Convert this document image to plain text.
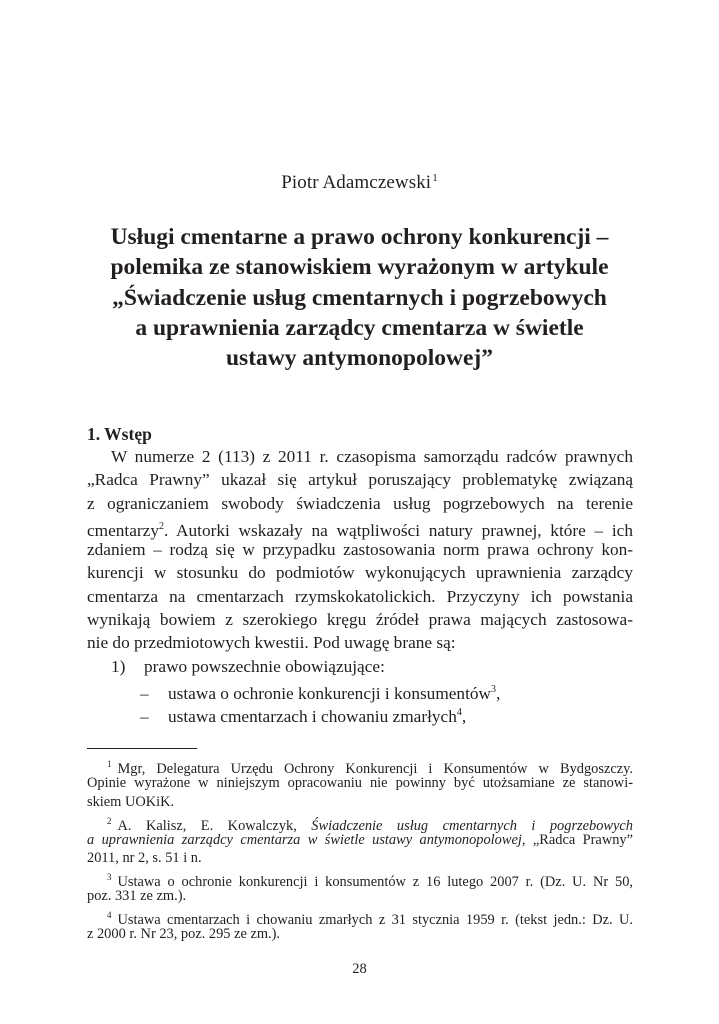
Piotr Adamczewski$^1$
Usługi cmentarne a prawo ochrony konkurencji –
polemika ze stanowiskiem wyrażonym w artykule
„Świadczenie usług cmentarnych i pogrzebowych
a uprawnienia zarządcy cmentarza w świetle
ustawy antymonopolowej”
1. Wstęp
W numerze 2 (113) z 2011 r. czasopisma samorządu radców prawnych
„Radca Prawny” ukazał się artykuł poruszający problematykę związaną
z ograniczaniem swobody świadczenia usług pogrzebowych na terenie
cmentarzy$^2$. Autorki wskazały na wątpliwości natury prawnej, które – ich
zdaniem – rodzą się w przypadku zastosowania norm prawa ochrony kon-
kurencji w stosunku do podmiotów wykonujących uprawnienia zarządcy
cmentarza na cmentarzach rzymskokatolickich. Przyczyny ich powstania
wynikają bowiem z szerokiego kręgu źródeł prawa mających zastosowa-
nie do przedmiotowych kwestii. Pod uwagę brane są:
1) prawo powszechnie obowiązujące:
– ustawa o ochronie konkurencji i konsumentów$^3$,
– ustawa cmentarzach i chowaniu zmarłych$^4$,
$^1$ Mgr, Delegatura Urzędu Ochrony Konkurencji i Konsumentów w Bydgoszczy.
Opinie wyrażone w niniejszym opracowaniu nie powinny być utożsamiane ze stanowi-
skiem UOKiK.
$^2$ A. Kalisz, E. Kowalczyk, Świadczenie usług cmentarnych i pogrzebowych
a uprawnienia zarządcy cmentarza w świetle ustawy antymonopolowej, „Radca Prawny”
2011, nr 2, s. 51 i n.
$^3$ Ustawa o ochronie konkurencji i konsumentów z 16 lutego 2007 r. (Dz. U. Nr 50,
poz. 331 ze zm.).
$^4$ Ustawa cmentarzach i chowaniu zmarłych z 31 stycznia 1959 r. (tekst jedn.: Dz. U.
z 2000 r. Nr 23, poz. 295 ze zm.).
28
